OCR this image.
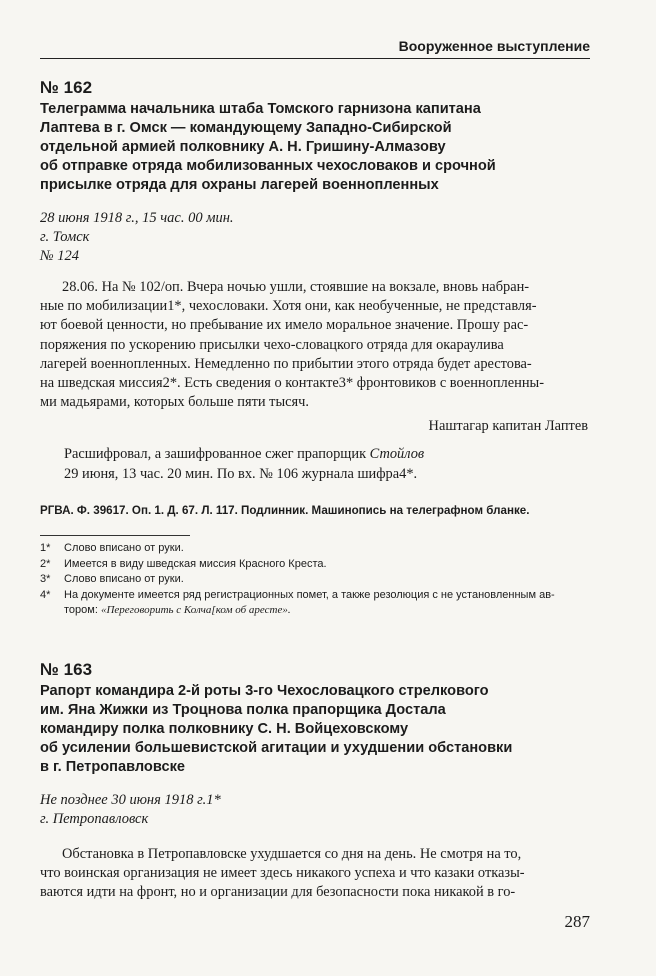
Вооруженное выступление

№ 162

Телеграмма начальника штаба Томского гарнизона капитана
Лаптева в г. Омск — командующему Западно-Сибирской
отдельной армией полковнику А. Н. Гришину-Алмазову
об отправке отряда мобилизованных чехословаков и срочной
присылке отряда для охраны лагерей военнопленных

28 июня 1918 г., 15 час. 00 мин.

г. Томск

№ 124

28.06. На № 102/оп. Вчера ночью ушли, стоявшие на вокзале, вновь набран-
ные по мобилизации1*, чехословаки. Хотя они, как необученные, не представля-
ют боевой ценности, но пребывание их имело моральное значение. Прошу рас-
поряжения по ускорению присылки чехо-словацкого отряда для окараулива
лагерей военнопленных. Немедленно по прибытии этого отряда будет арестова-
на шведская миссия2*. Есть сведения о контакте3* фронтовиков с военнопленны-
ми мадьярами, которых больше пяти тысяч.

Наштагар капитан Лаптев

Расшифровал, а зашифрованное сжег прапорщик Стойлов

29 июня, 13 час. 20 мин. По вх. № 106 журнала шифра4*.

РГВА. Ф. 39617. Оп. 1. Д. 67. Л. 117. Подлинник. Машинопись на телеграфном бланке.

1* Слово вписано от руки.

2* Имеется в виду шведская миссия Красного Креста.

3* Слово вписано от руки.

4* На документе имеется ряд регистрационных помет, а также резолюция с не установленным ав-
тором: «Переговорить с Колча[ком об аресте».

№ 163

Рапорт командира 2-й роты 3-го Чехословацкого стрелкового
им. Яна Жижки из Троцнова полка прапорщика Достала
командиру полка полковнику С. Н. Войцеховскому
об усилении большевистской агитации и ухудшении обстановки
в г. Петропавловске

Не позднее 30 июня 1918 г.1*

г. Петропавловск

Обстановка в Петропавловске ухудшается со дня на день. Не смотря на то,
что воинская организация не имеет здесь никакого успеха и что казаки отказы-
ваются идти на фронт, но и организации для безопасности пока никакой в го-

287
